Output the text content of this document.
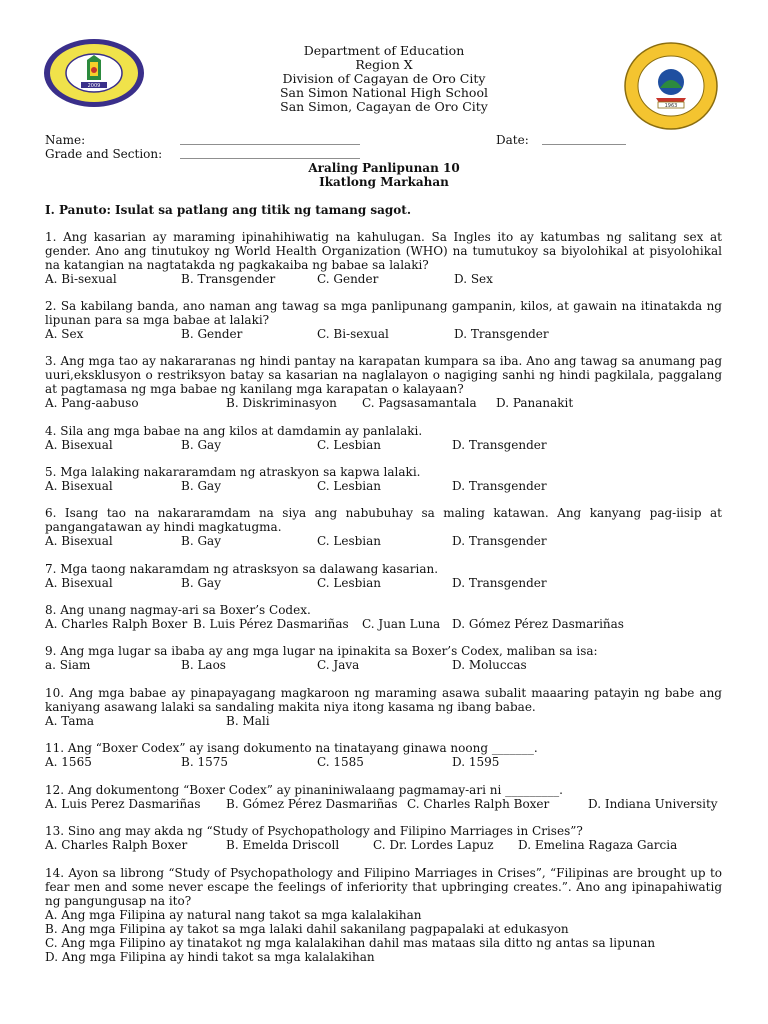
2009
1963
Department of Education
Region X
Division of Cagayan de Oro City
San Simon National High School
San Simon, Cagayan de Oro City
Name:	______________________________	Date: ______________
Grade and Section: ______________________________
Araling Panlipunan 10
Ikatlong Markahan
I. Panuto: Isulat sa patlang ang titik ng tamang sagot.
1. Ang kasarian ay maraming ipinahihiwatig na kahulugan. Sa Ingles ito ay katumbas ng salitang sex at gender. Ano ang tinutukoy ng World Health Organization (WHO) na tumutukoy sa biyolohikal at pisyolohikal na katangian na nagtatakda ng pagkakaiba ng babae sa lalaki?
A. Bi-sexual	B. Transgender	C. Gender	D. Sex
2. Sa kabilang banda, ano naman ang tawag sa mga panlipunang gampanin, kilos, at gawain na itinatakda ng lipunan para sa mga babae at lalaki?
A. Sex	B. Gender	C. Bi-sexual	D. Transgender
3. Ang mga tao ay nakararanas ng hindi pantay na karapatan kumpara sa iba. Ano ang tawag sa anumang pag uuri,eksklusyon o restriksyon batay sa kasarian na naglalayon o nagiging sanhi ng hindi pagkilala, paggalang at pagtamasa ng mga babae ng kanilang mga karapatan o kalayaan?
A. Pang-aabuso	B. Diskriminasyon C. Pagsasamantala D. Pananakit
4. Sila ang mga babae na ang kilos at damdamin ay panlalaki.
A. Bisexual	B. Gay	C. Lesbian	D. Transgender
5. Mga lalaking nakararamdam ng atraskyon sa kapwa lalaki.
A. Bisexual	B. Gay	C. Lesbian	D. Transgender
6. Isang tao na nakararamdam na siya ang nabubuhay sa maling katawan. Ang kanyang pag-iisip at pangangatawan ay hindi magkatugma.
A. Bisexual	B. Gay	C. Lesbian	D. Transgender
7. Mga taong nakaramdam ng atrasksyon sa dalawang kasarian.
A. Bisexual	B. Gay	C. Lesbian	D. Transgender
8. Ang unang nagmay-ari sa Boxer’s Codex.
A. Charles Ralph Boxer B. Luis Pérez Dasmariñas C. Juan Luna D. Gómez Pérez Dasmariñas
9. Ang mga lugar sa ibaba ay ang mga lugar na ipinakita sa Boxer’s Codex, maliban sa isa:
a. Siam	B. Laos	C. Java	D. Moluccas
10. Ang mga babae ay pinapayagang magkaroon ng maraming asawa subalit maaaring patayin ng babe ang kaniyang asawang lalaki sa sandaling makita niya itong kasama ng ibang babae.
A. Tama	B. Mali
11. Ang “Boxer Codex” ay isang dokumento na tinatayang ginawa noong _______.
A. 1565	B. 1575	C. 1585	D. 1595
12. Ang dokumentong “Boxer Codex” ay pinaniniwalaang pagmamay-ari ni _________.
A. Luis Perez Dasmariñas B. Gómez Pérez Dasmariñas C. Charles Ralph Boxer	D. Indiana University
13. Sino ang may akda ng “Study of Psychopathology and Filipino Marriages in Crises”?
A. Charles Ralph Boxer	B. Emelda Driscoll	C. Dr. Lordes Lapuz D. Emelina Ragaza Garcia
14. Ayon sa librong “Study of Psychopathology and Filipino Marriages in Crises”, “Filipinas are brought up to fear men and some never escape the feelings of inferiority that upbringing creates.”. Ano ang ipinapahiwatig ng pangungusap na ito?
A. Ang mga Filipina ay natural nang takot sa mga kalalakihan
B. Ang mga Filipina ay takot sa mga lalaki dahil sakanilang pagpapalaki at edukasyon
C. Ang mga Filipino ay tinatakot ng mga kalalakihan dahil mas mataas sila ditto ng antas sa lipunan
D. Ang mga Filipina ay hindi takot sa mga kalalakihan
